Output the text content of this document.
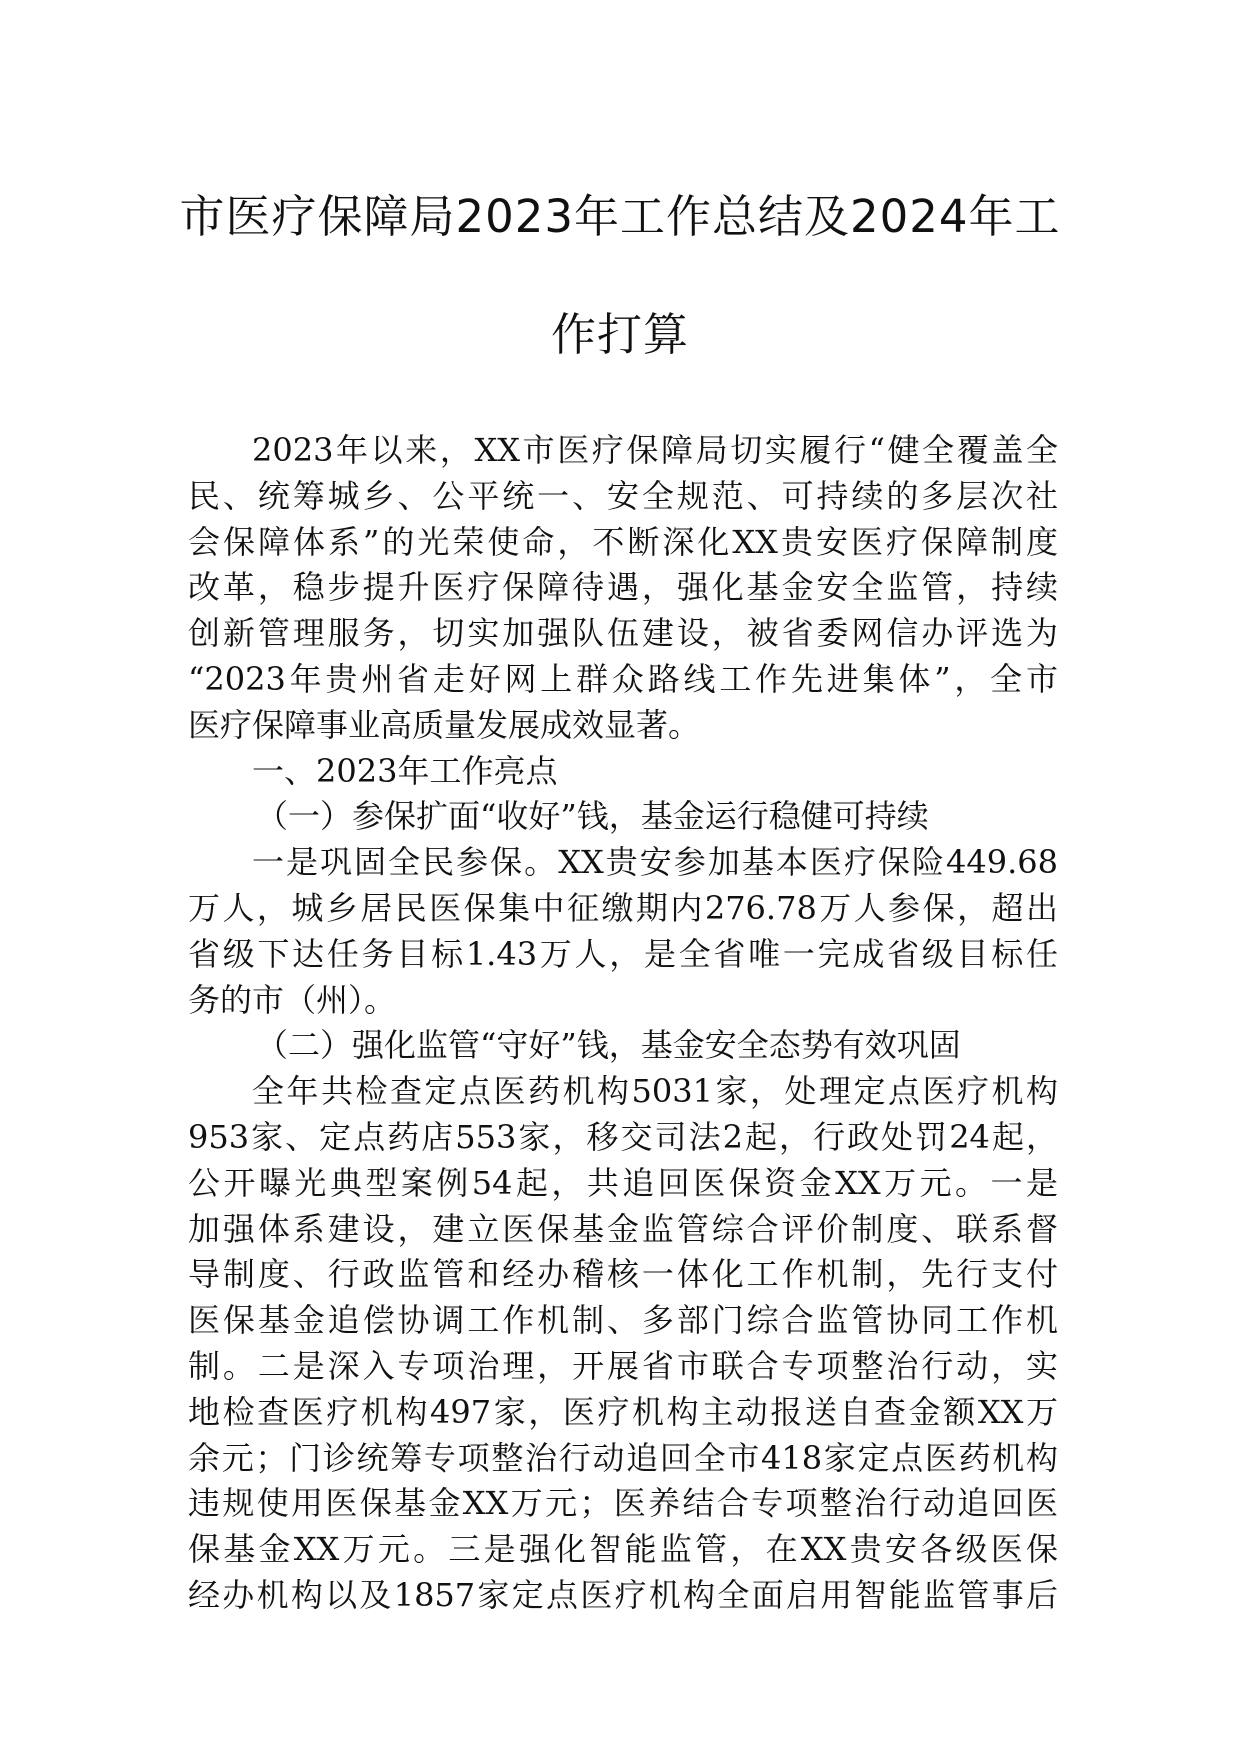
市医疗保障局2023年工作总结及2024年工
作打算
2023年以来，XX市医疗保障局切实履行“健全覆盖全
民、统筹城乡、公平统一、安全规范、可持续的多层次社
会保障体系”的光荣使命，不断深化XX贵安医疗保障制度
改革，稳步提升医疗保障待遇，强化基金安全监管，持续
创新管理服务，切实加强队伍建设，被省委网信办评选为
“2023年贵州省走好网上群众路线工作先进集体”，全市
医疗保障事业高质量发展成效显著。
一、2023年工作亮点
（一）参保扩面“收好”钱，基金运行稳健可持续
一是巩固全民参保。XX贵安参加基本医疗保险449.68
万人，城乡居民医保集中征缴期内276.78万人参保，超出
省级下达任务目标1.43万人，是全省唯一完成省级目标任
务的市（州）。
（二）强化监管“守好”钱，基金安全态势有效巩固
全年共检查定点医药机构5031家，处理定点医疗机构
953家、定点药店553家，移交司法2起，行政处罚24起，
公开曝光典型案例54起，共追回医保资金XX万元。一是
加强体系建设，建立医保基金监管综合评价制度、联系督
导制度、行政监管和经办稽核一体化工作机制，先行支付
医保基金追偿协调工作机制、多部门综合监管协同工作机
制。二是深入专项治理，开展省市联合专项整治行动，实
地检查医疗机构497家，医疗机构主动报送自查金额XX万
余元；门诊统筹专项整治行动追回全市418家定点医药机构
违规使用医保基金XX万元；医养结合专项整治行动追回医
保基金XX万元。三是强化智能监管，在XX贵安各级医保
经办机构以及1857家定点医疗机构全面启用智能监管事后
